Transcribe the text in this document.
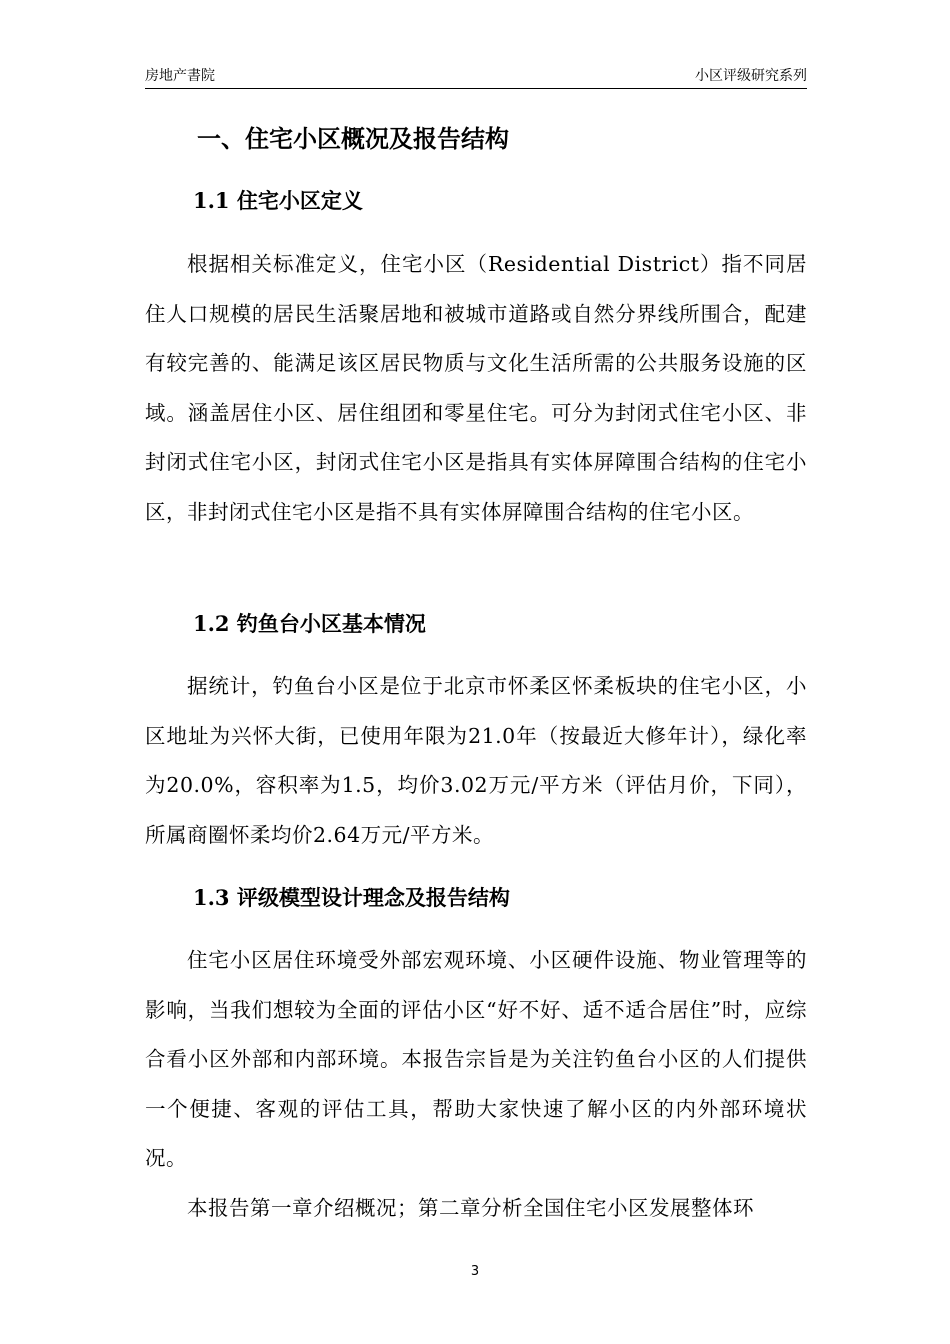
房地产書院	小区评级研究系列
一、住宅小区概况及报告结构
1.1 住宅小区定义
根据相关标准定义，住宅小区（Residential District）指不同居住人口规模的居民生活聚居地和被城市道路或自然分界线所围合，配建有较完善的、能满足该区居民物质与文化生活所需的公共服务设施的区域。涵盖居住小区、居住组团和零星住宅。可分为封闭式住宅小区、非封闭式住宅小区，封闭式住宅小区是指具有实体屏障围合结构的住宅小区，非封闭式住宅小区是指不具有实体屏障围合结构的住宅小区。
1.2 钓鱼台小区基本情况
据统计，钓鱼台小区是位于北京市怀柔区怀柔板块的住宅小区，小区地址为兴怀大街，已使用年限为21.0年（按最近大修年计），绿化率为20.0%，容积率为1.5，均价3.02万元/平方米（评估月价，下同），所属商圈怀柔均价2.64万元/平方米。
1.3 评级模型设计理念及报告结构
住宅小区居住环境受外部宏观环境、小区硬件设施、物业管理等的影响，当我们想较为全面的评估小区“好不好、适不适合居住”时，应综合看小区外部和内部环境。本报告宗旨是为关注钓鱼台小区的人们提供一个便捷、客观的评估工具，帮助大家快速了解小区的内外部环境状况。
本报告第一章介绍概况；第二章分析全国住宅小区发展整体环
3
